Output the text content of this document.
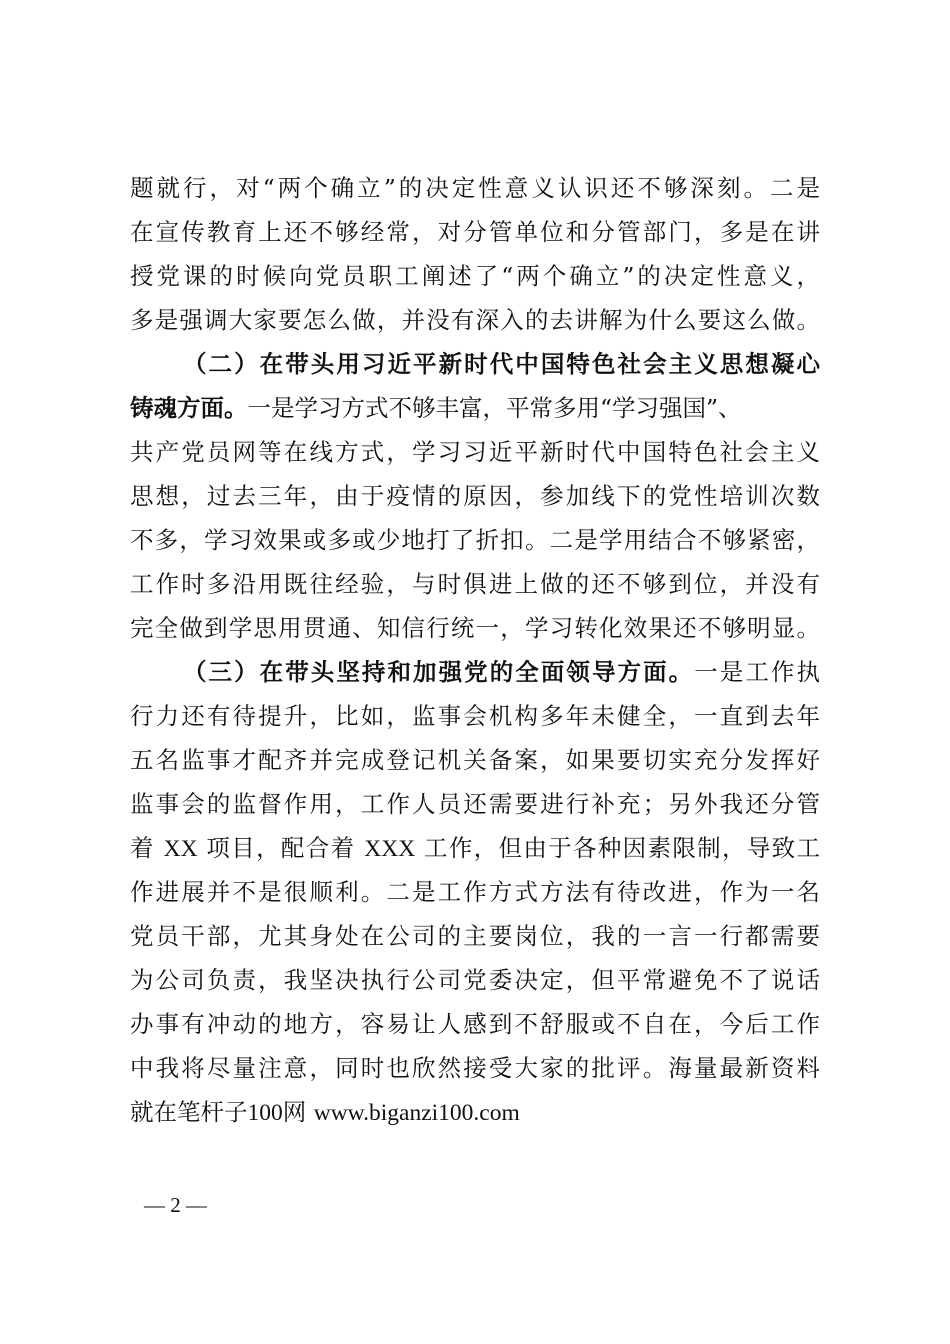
题就行，对“两个确立”的决定性意义认识还不够深刻。二是
在宣传教育上还不够经常，对分管单位和分管部门，多是在讲
授党课的时候向党员职工阐述了“两个确立”的决定性意义，
多是强调大家要怎么做，并没有深入的去讲解为什么要这么做。
（二）在带头用习近平新时代中国特色社会主义思想凝心
铸魂方面。一是学习方式不够丰富，平常多用“学习强国”、
共产党员网等在线方式，学习习近平新时代中国特色社会主义
思想，过去三年，由于疫情的原因，参加线下的党性培训次数
不多，学习效果或多或少地打了折扣。二是学用结合不够紧密，
工作时多沿用既往经验，与时俱进上做的还不够到位，并没有
完全做到学思用贯通、知信行统一，学习转化效果还不够明显。
（三）在带头坚持和加强党的全面领导方面。一是工作执
行力还有待提升，比如，监事会机构多年未健全，一直到去年
五名监事才配齐并完成登记机关备案，如果要切实充分发挥好
监事会的监督作用，工作人员还需要进行补充；另外我还分管
着 XX 项目，配合着 XXX 工作，但由于各种因素限制，导致工
作进展并不是很顺利。二是工作方式方法有待改进，作为一名
党员干部，尤其身处在公司的主要岗位，我的一言一行都需要
为公司负责，我坚决执行公司党委决定，但平常避免不了说话
办事有冲动的地方，容易让人感到不舒服或不自在，今后工作
中我将尽量注意，同时也欣然接受大家的批评。海量最新资料
就在笔杆子100网 www.biganzi100.com
— 2 —
